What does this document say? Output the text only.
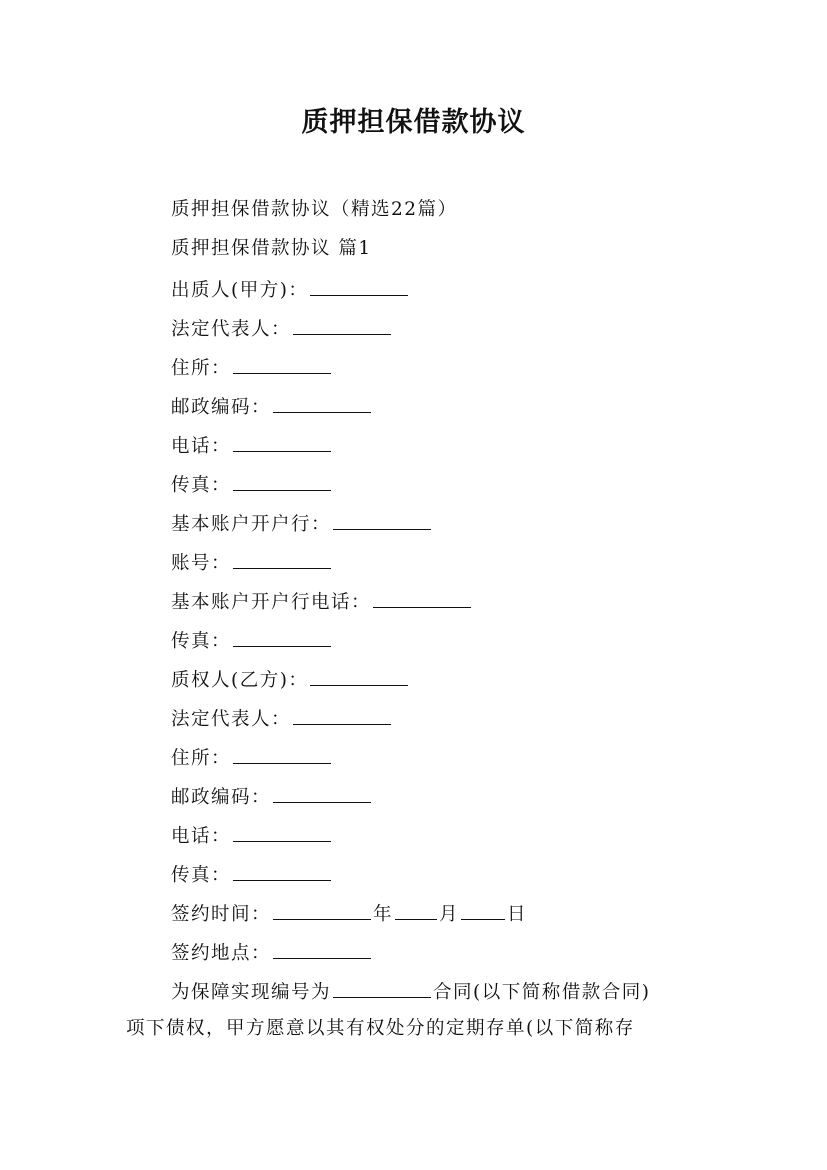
质押担保借款协议
质押担保借款协议（精选22篇）
质押担保借款协议 篇1
出质人(甲方)：
法定代表人：
住所：
邮政编码：
电话：
传真：
基本账户开户行：
账号：
基本账户开户行电话：
传真：
质权人(乙方)：
法定代表人：
住所：
邮政编码：
电话：
传真：
签约时间：	年 月	日
签约地点：
为保障实现编号为	合同(以下简称借款合同)
项下债权，甲方愿意以其有权处分的定期存单(以下简称存
